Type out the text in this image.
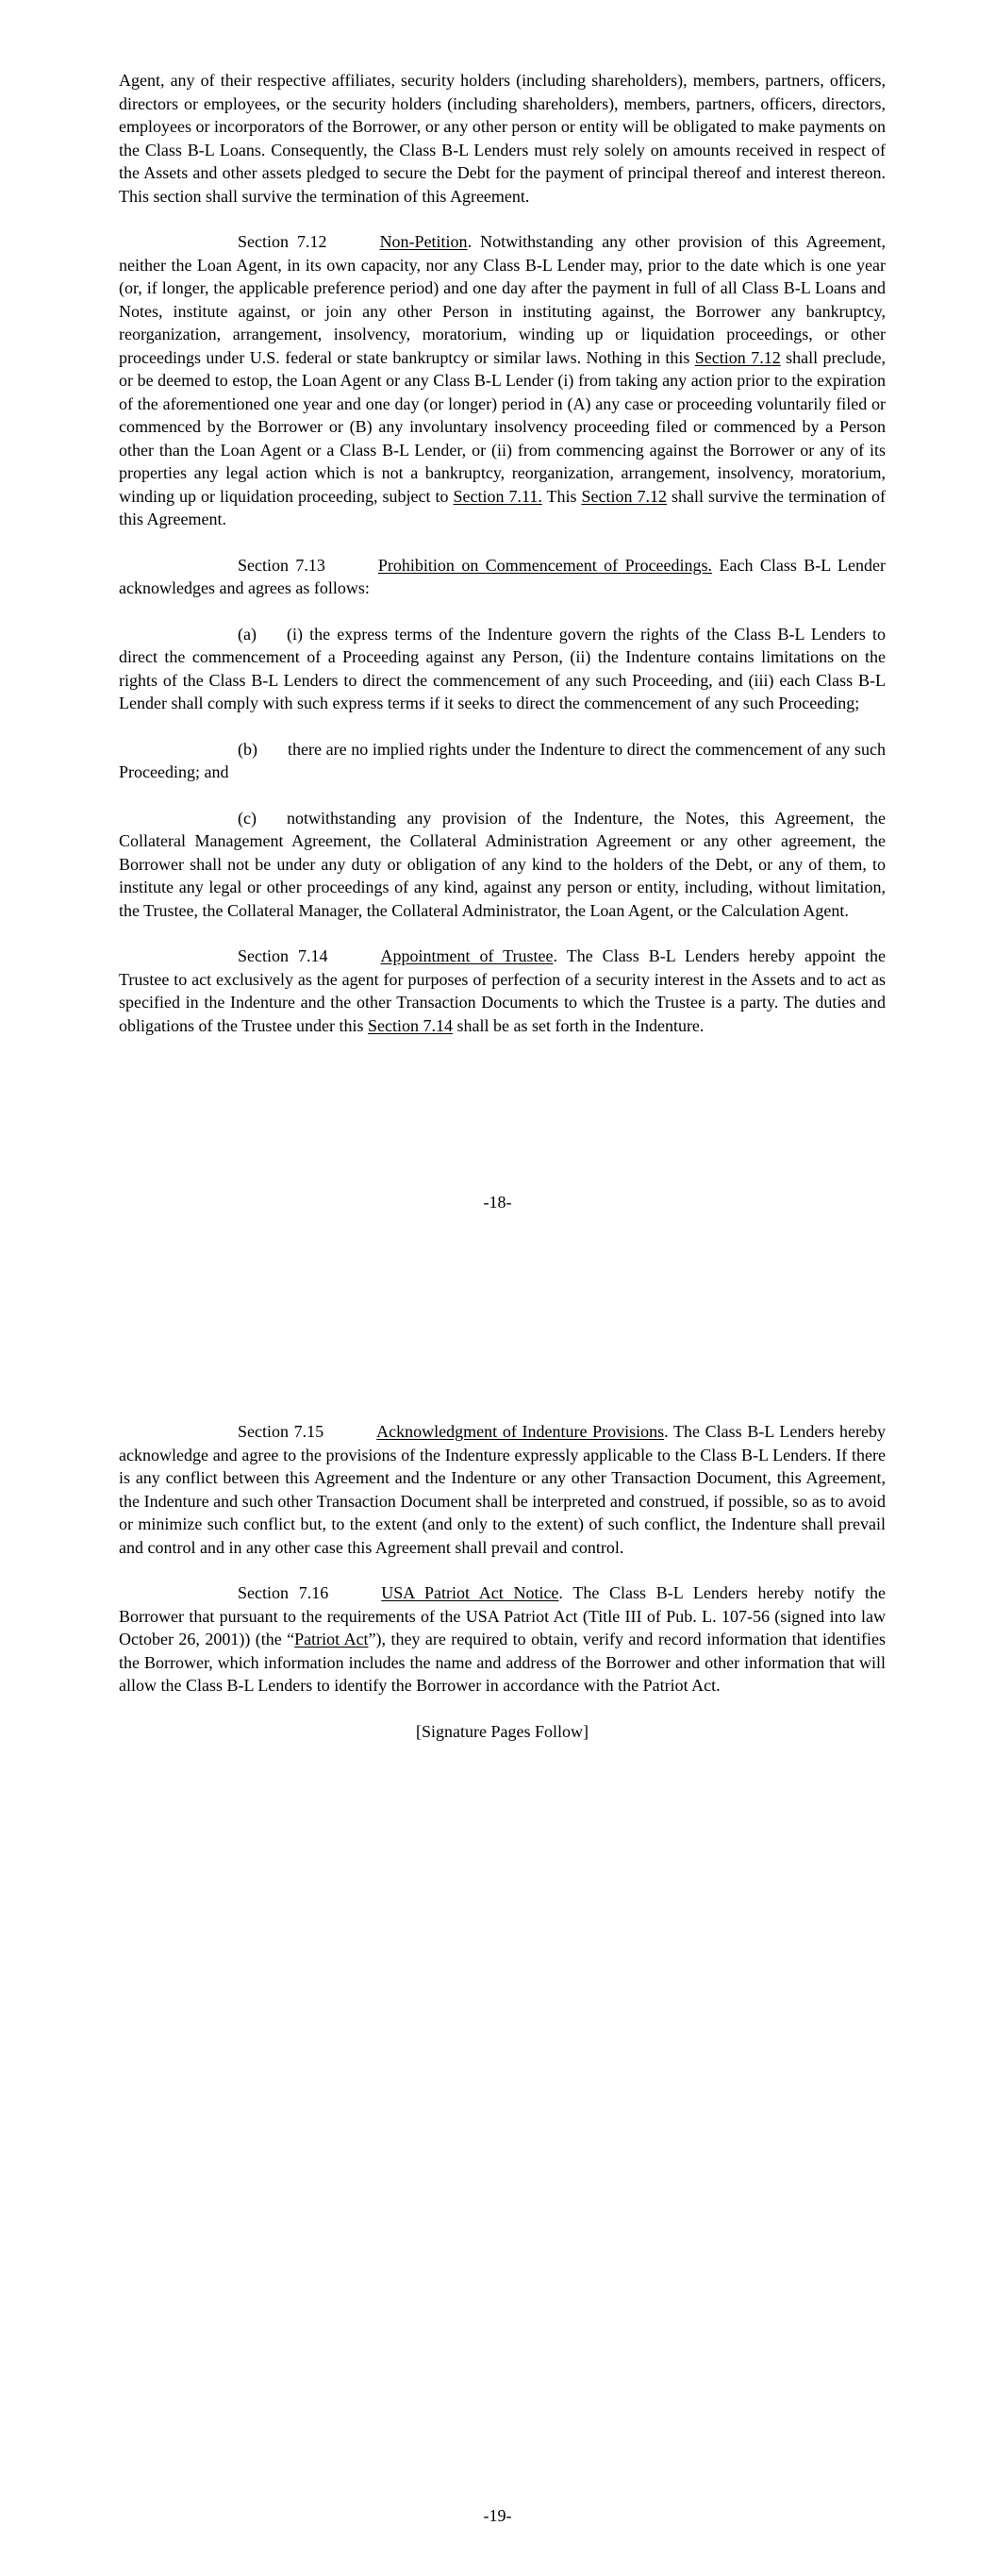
Agent, any of their respective affiliates, security holders (including shareholders), members, partners, officers, directors or employees, or the security holders (including shareholders), members, partners, officers, directors, employees or incorporators of the Borrower, or any other person or entity will be obligated to make payments on the Class B-L Loans. Consequently, the Class B-L Lenders must rely solely on amounts received in respect of the Assets and other assets pledged to secure the Debt for the payment of principal thereof and interest thereon. This section shall survive the termination of this Agreement.

Section 7.12	Non-Petition. Notwithstanding any other provision of this Agreement, neither the Loan Agent, in its own capacity, nor any Class B-L Lender may, prior to the date which is one year (or, if longer, the applicable preference period) and one day after the payment in full of all Class B-L Loans and Notes, institute against, or join any other Person in instituting against, the Borrower any bankruptcy, reorganization, arrangement, insolvency, moratorium, winding up or liquidation proceedings, or other proceedings under U.S. federal or state bankruptcy or similar laws. Nothing in this Section 7.12 shall preclude, or be deemed to estop, the Loan Agent or any Class B-L Lender (i) from taking any action prior to the expiration of the aforementioned one year and one day (or longer) period in (A) any case or proceeding voluntarily filed or commenced by the Borrower or (B) any involuntary insolvency proceeding filed or commenced by a Person other than the Loan Agent or a Class B-L Lender, or (ii) from commencing against the Borrower or any of its properties any legal action which is not a bankruptcy, reorganization, arrangement, insolvency, moratorium, winding up or liquidation proceeding, subject to Section 7.11. This Section 7.12 shall survive the termination of this Agreement.

Section 7.13	Prohibition on Commencement of Proceedings. Each Class B-L Lender acknowledges and agrees as follows:

(a) (i) the express terms of the Indenture govern the rights of the Class B-L Lenders to direct the commencement of a Proceeding against any Person, (ii) the Indenture contains limitations on the rights of the Class B-L Lenders to direct the commencement of any such Proceeding, and (iii) each Class B-L Lender shall comply with such express terms if it seeks to direct the commencement of any such Proceeding;

(b) there are no implied rights under the Indenture to direct the commencement of any such Proceeding; and

(c) notwithstanding any provision of the Indenture, the Notes, this Agreement, the Collateral Management Agreement, the Collateral Administration Agreement or any other agreement, the Borrower shall not be under any duty or obligation of any kind to the holders of the Debt, or any of them, to institute any legal or other proceedings of any kind, against any person or entity, including, without limitation, the Trustee, the Collateral Manager, the Collateral Administrator, the Loan Agent, or the Calculation Agent.

Section 7.14	Appointment of Trustee. The Class B-L Lenders hereby appoint the Trustee to act exclusively as the agent for purposes of perfection of a security interest in the Assets and to act as specified in the Indenture and the other Transaction Documents to which the Trustee is a party. The duties and obligations of the Trustee under this Section 7.14 shall be as set forth in the Indenture.

-18-

Section 7.15	Acknowledgment of Indenture Provisions. The Class B-L Lenders hereby acknowledge and agree to the provisions of the Indenture expressly applicable to the Class B-L Lenders. If there is any conflict between this Agreement and the Indenture or any other Transaction Document, this Agreement, the Indenture and such other Transaction Document shall be interpreted and construed, if possible, so as to avoid or minimize such conflict but, to the extent (and only to the extent) of such conflict, the Indenture shall prevail and control and in any other case this Agreement shall prevail and control.

Section 7.16	USA Patriot Act Notice. The Class B-L Lenders hereby notify the Borrower that pursuant to the requirements of the USA Patriot Act (Title III of Pub. L. 107-56 (signed into law October 26, 2001)) (the “Patriot Act”), they are required to obtain, verify and record information that identifies the Borrower, which information includes the name and address of the Borrower and other information that will allow the Class B-L Lenders to identify the Borrower in accordance with the Patriot Act.

[Signature Pages Follow]

-19-
